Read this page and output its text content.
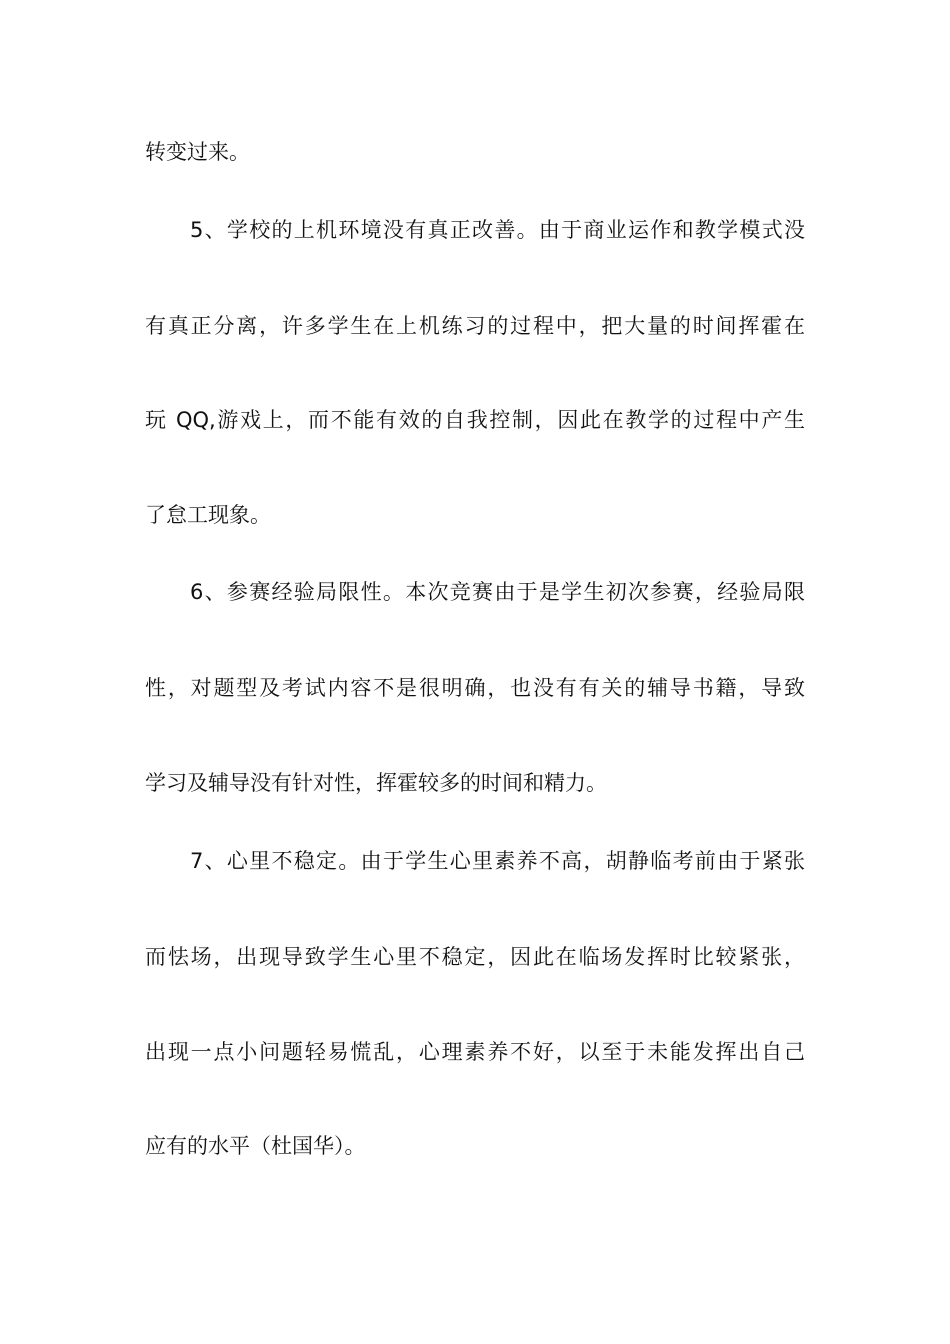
转变过来。
5、学校的上机环境没有真正改善。由于商业运作和教学模式没
有真正分离，许多学生在上机练习的过程中，把大量的时间挥霍在
玩 QQ,游戏上，而不能有效的自我控制，因此在教学的过程中产生
了怠工现象。
6、参赛经验局限性。本次竞赛由于是学生初次参赛，经验局限
性，对题型及考试内容不是很明确，也没有有关的辅导书籍，导致
学习及辅导没有针对性，挥霍较多的时间和精力。
7、心里不稳定。由于学生心里素养不高，胡静临考前由于紧张
而怯场，出现导致学生心里不稳定，因此在临场发挥时比较紧张，
出现一点小问题轻易慌乱，心理素养不好，以至于未能发挥出自己
应有的水平（杜国华）。
